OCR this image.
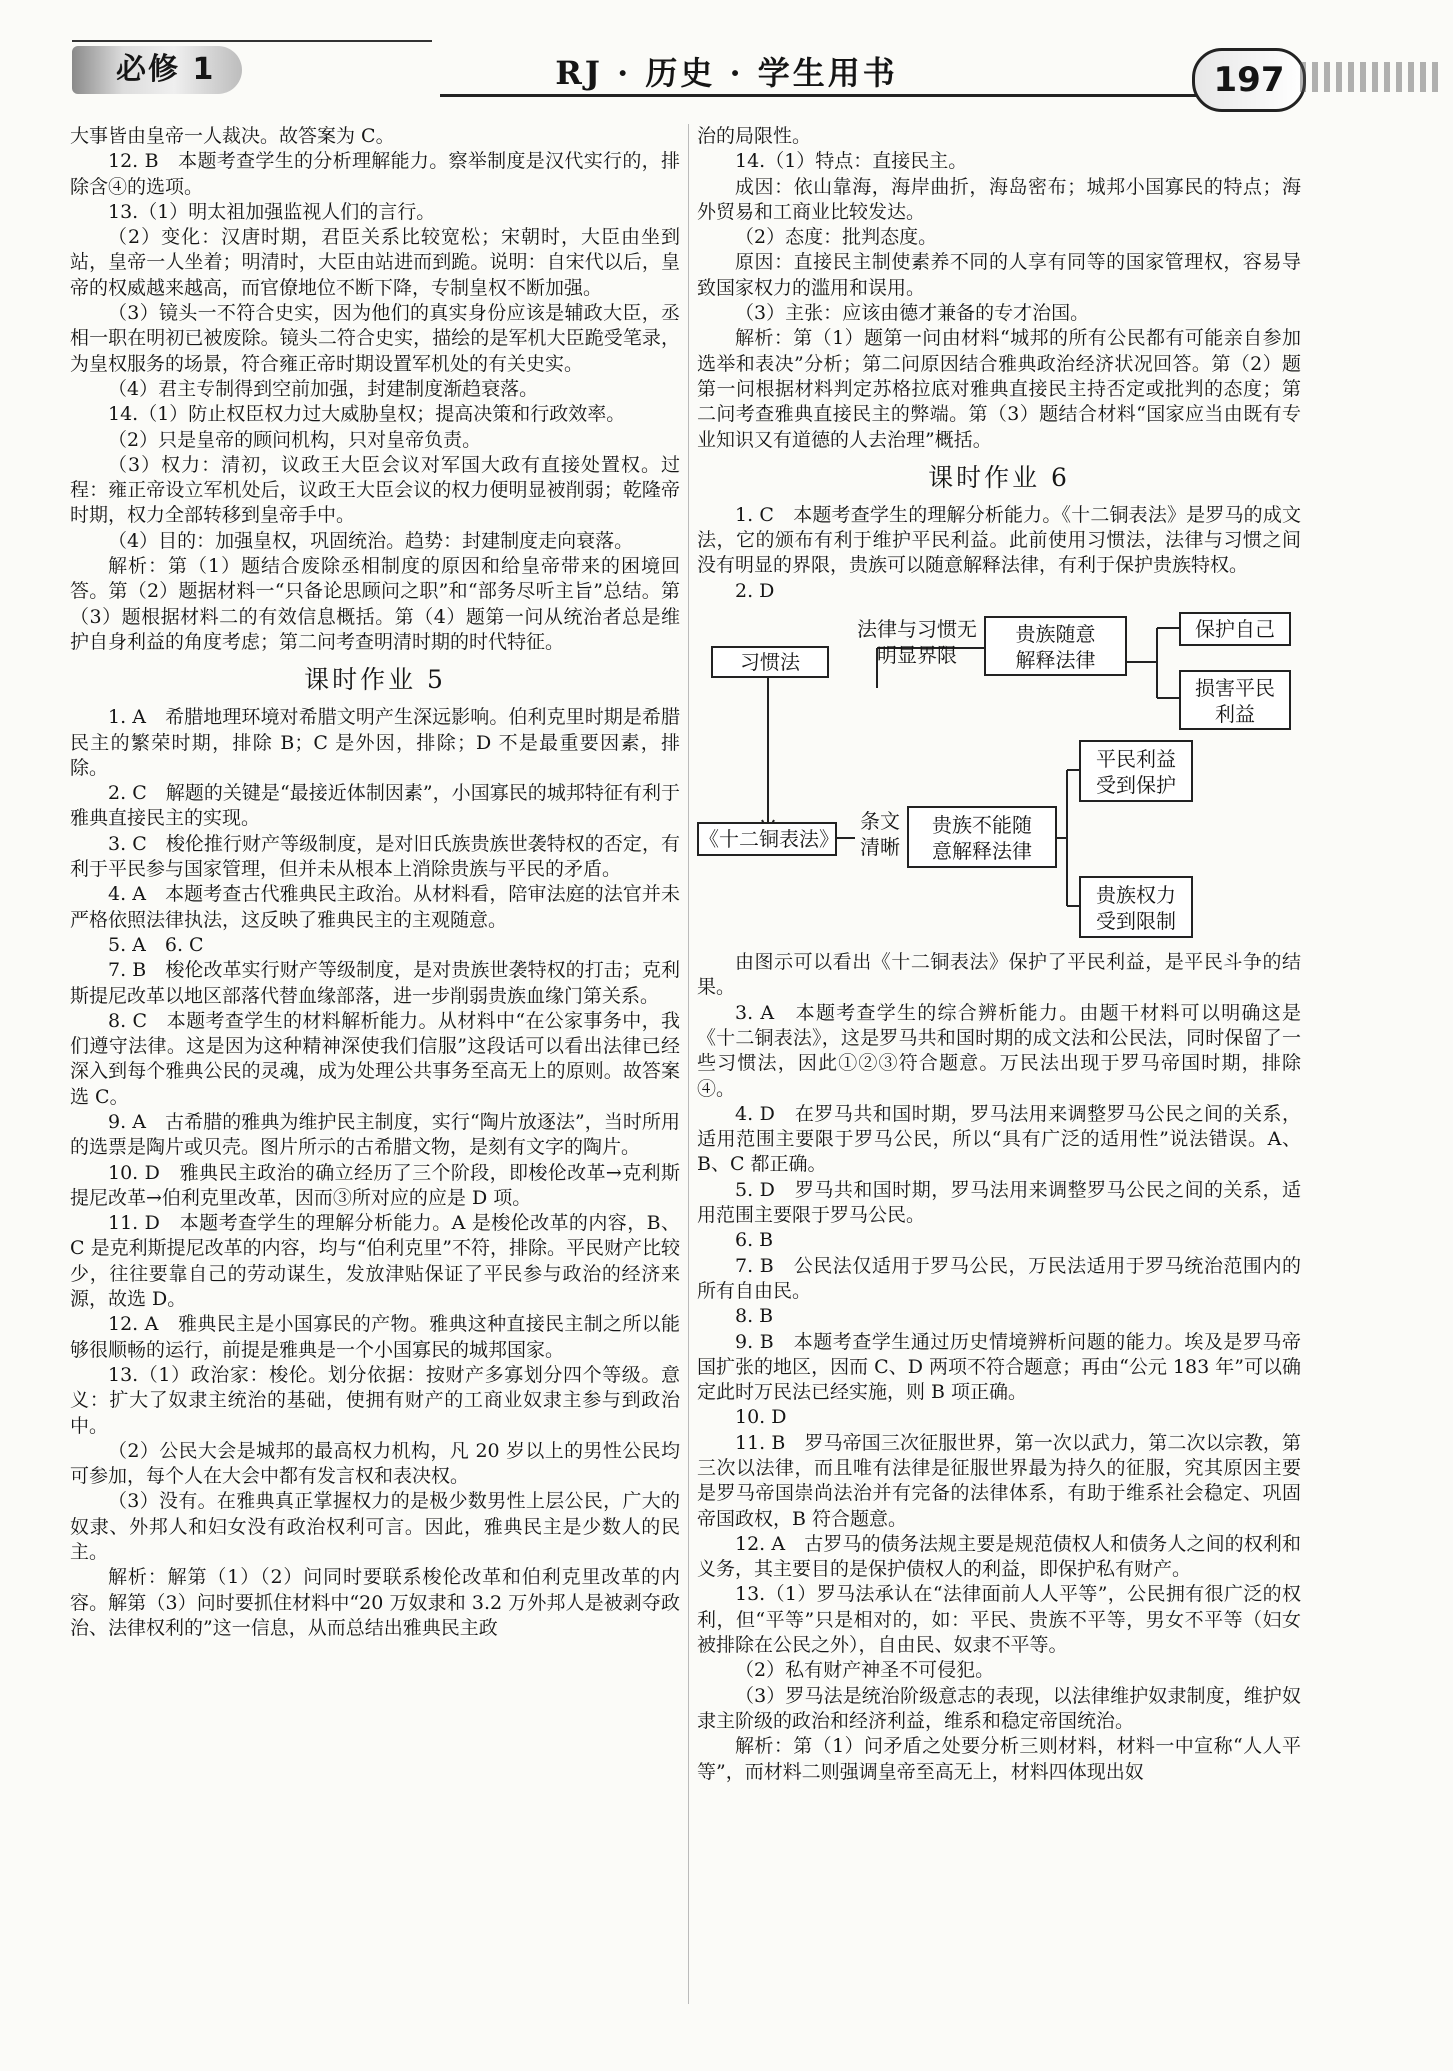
必修 1	RJ · 历史 · 学生用书	197

大事皆由皇帝一人裁决。故答案为 C。

12. B　本题考查学生的分析理解能力。察举制度是汉代实行的，排除含④的选项。

13.（1）明太祖加强监视人们的言行。

（2）变化：汉唐时期，君臣关系比较宽松；宋朝时，大臣由坐到站，皇帝一人坐着；明清时，大臣由站进而到跪。说明：自宋代以后，皇帝的权威越来越高，而官僚地位不断下降，专制皇权不断加强。

（3）镜头一不符合史实，因为他们的真实身份应该是辅政大臣，丞相一职在明初已被废除。镜头二符合史实，描绘的是军机大臣跪受笔录，为皇权服务的场景，符合雍正帝时期设置军机处的有关史实。

（4）君主专制得到空前加强，封建制度渐趋衰落。

14.（1）防止权臣权力过大威胁皇权；提高决策和行政效率。

（2）只是皇帝的顾问机构，只对皇帝负责。

（3）权力：清初，议政王大臣会议对军国大政有直接处置权。过程：雍正帝设立军机处后，议政王大臣会议的权力便明显被削弱；乾隆帝时期，权力全部转移到皇帝手中。

（4）目的：加强皇权，巩固统治。趋势：封建制度走向衰落。

解析：第（1）题结合废除丞相制度的原因和给皇帝带来的困境回答。第（2）题据材料一“只备论思顾问之职”和“部务尽听主旨”总结。第（3）题根据材料二的有效信息概括。第（4）题第一问从统治者总是维护自身利益的角度考虑；第二问考查明清时期的时代特征。

课时作业 5

1. A　希腊地理环境对希腊文明产生深远影响。伯利克里时期是希腊民主的繁荣时期，排除 B；C 是外因，排除；D 不是最重要因素，排除。

2. C　解题的关键是“最接近体制因素”，小国寡民的城邦特征有利于雅典直接民主的实现。

3. C　梭伦推行财产等级制度，是对旧氏族贵族世袭特权的否定，有利于平民参与国家管理，但并未从根本上消除贵族与平民的矛盾。

4. A　本题考查古代雅典民主政治。从材料看，陪审法庭的法官并未严格依照法律执法，这反映了雅典民主的主观随意。

5. A　6. C

7. B　梭伦改革实行财产等级制度，是对贵族世袭特权的打击；克利斯提尼改革以地区部落代替血缘部落，进一步削弱贵族血缘门第关系。

8. C　本题考查学生的材料解析能力。从材料中“在公家事务中，我们遵守法律。这是因为这种精神深使我们信服”这段话可以看出法律已经深入到每个雅典公民的灵魂，成为处理公共事务至高无上的原则。故答案选 C。

9. A　古希腊的雅典为维护民主制度，实行“陶片放逐法”，当时所用的选票是陶片或贝壳。图片所示的古希腊文物，是刻有文字的陶片。

10. D　雅典民主政治的确立经历了三个阶段，即梭伦改革→克利斯提尼改革→伯利克里改革，因而③所对应的应是 D 项。

11. D　本题考查学生的理解分析能力。A 是梭伦改革的内容，B、C 是克利斯提尼改革的内容，均与“伯利克里”不符，排除。平民财产比较少，往往要靠自己的劳动谋生，发放津贴保证了平民参与政治的经济来源，故选 D。

12. A　雅典民主是小国寡民的产物。雅典这种直接民主制之所以能够很顺畅的运行，前提是雅典是一个小国寡民的城邦国家。

13.（1）政治家：梭伦。划分依据：按财产多寡划分四个等级。意义：扩大了奴隶主统治的基础，使拥有财产的工商业奴隶主参与到政治中。

（2）公民大会是城邦的最高权力机构，凡 20 岁以上的男性公民均可参加，每个人在大会中都有发言权和表决权。

（3）没有。在雅典真正掌握权力的是极少数男性上层公民，广大的奴隶、外邦人和妇女没有政治权利可言。因此，雅典民主是少数人的民主。

解析：解第（1）（2）问同时要联系梭伦改革和伯利克里改革的内容。解第（3）问时要抓住材料中“20 万奴隶和 3.2 万外邦人是被剥夺政治、法律权利的”这一信息，从而总结出雅典民主政

治的局限性。

14.（1）特点：直接民主。

成因：依山靠海，海岸曲折，海岛密布；城邦小国寡民的特点；海外贸易和工商业比较发达。

（2）态度：批判态度。

原因：直接民主制使素养不同的人享有同等的国家管理权，容易导致国家权力的滥用和误用。

（3）主张：应该由德才兼备的专才治国。

解析：第（1）题第一问由材料“城邦的所有公民都有可能亲自参加选举和表决”分析；第二问原因结合雅典政治经济状况回答。第（2）题第一问根据材料判定苏格拉底对雅典直接民主持否定或批判的态度；第二问考查雅典直接民主的弊端。第（3）题结合材料“国家应当由既有专业知识又有道德的人去治理”概括。

课时作业 6

1. C　本题考查学生的理解分析能力。《十二铜表法》是罗马的成文法，它的颁布有利于维护平民利益。此前使用习惯法，法律与习惯之间没有明显的界限，贵族可以随意解释法律，有利于保护贵族特权。

2. D

习惯法
法律与习惯无
明显界限
贵族随意
解释法律
保护自己
损害平民
利益
《十二铜表法》
条文
清晰
贵族不能随
意解释法律
平民利益
受到保护
贵族权力
受到限制

由图示可以看出《十二铜表法》保护了平民利益，是平民斗争的结果。

3. A　本题考查学生的综合辨析能力。由题干材料可以明确这是《十二铜表法》，这是罗马共和国时期的成文法和公民法，同时保留了一些习惯法，因此①②③符合题意。万民法出现于罗马帝国时期，排除④。

4. D　在罗马共和国时期，罗马法用来调整罗马公民之间的关系，适用范围主要限于罗马公民，所以“具有广泛的适用性”说法错误。A、B、C 都正确。

5. D　罗马共和国时期，罗马法用来调整罗马公民之间的关系，适用范围主要限于罗马公民。

6. B

7. B　公民法仅适用于罗马公民，万民法适用于罗马统治范围内的所有自由民。

8. B

9. B　本题考查学生通过历史情境辨析问题的能力。埃及是罗马帝国扩张的地区，因而 C、D 两项不符合题意；再由“公元 183 年”可以确定此时万民法已经实施，则 B 项正确。

10. D

11. B　罗马帝国三次征服世界，第一次以武力，第二次以宗教，第三次以法律，而且唯有法律是征服世界最为持久的征服，究其原因主要是罗马帝国崇尚法治并有完备的法律体系，有助于维系社会稳定、巩固帝国政权，B 符合题意。

12. A　古罗马的债务法规主要是规范债权人和债务人之间的权利和义务，其主要目的是保护债权人的利益，即保护私有财产。

13.（1）罗马法承认在“法律面前人人平等”，公民拥有很广泛的权利，但“平等”只是相对的，如：平民、贵族不平等，男女不平等（妇女被排除在公民之外），自由民、奴隶不平等。

（2）私有财产神圣不可侵犯。

（3）罗马法是统治阶级意志的表现，以法律维护奴隶制度，维护奴隶主阶级的政治和经济利益，维系和稳定帝国统治。

解析：第（1）问矛盾之处要分析三则材料，材料一中宣称“人人平等”，而材料二则强调皇帝至高无上，材料四体现出奴
